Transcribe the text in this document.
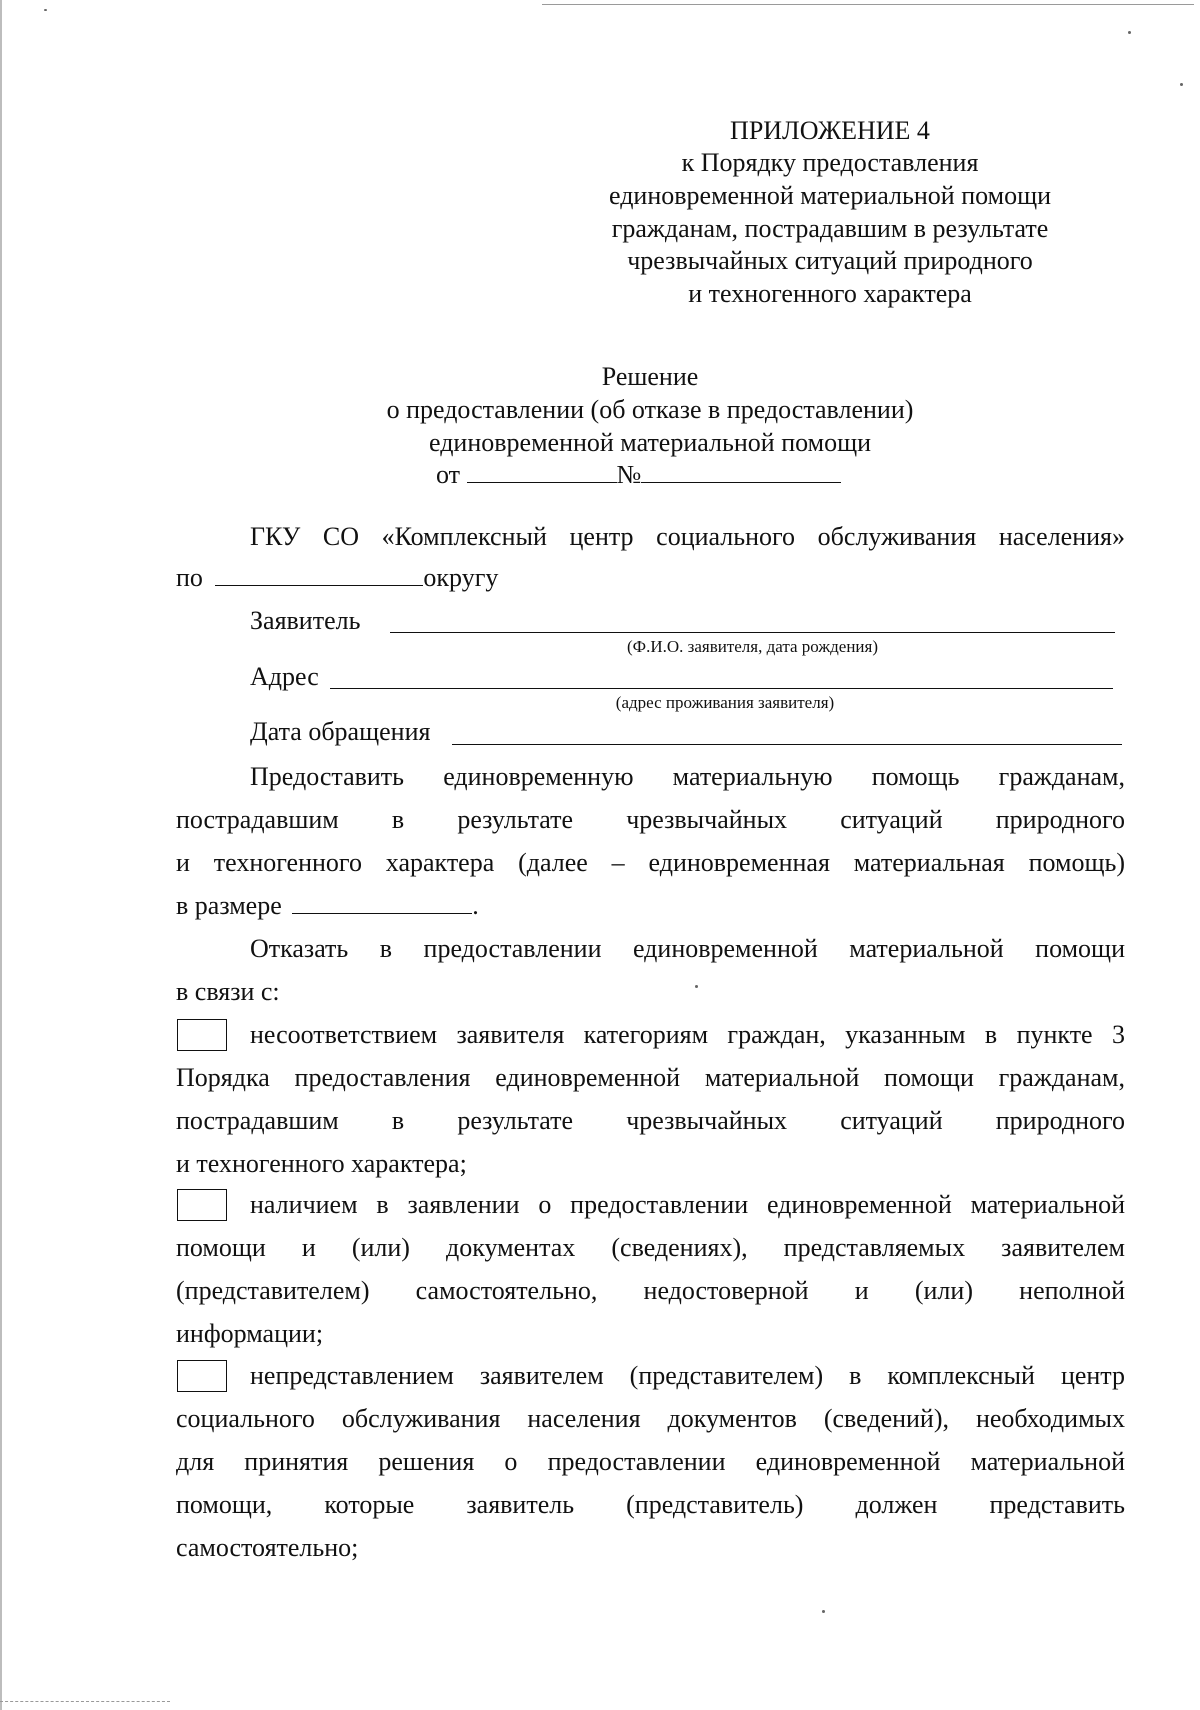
ПРИЛОЖЕНИЕ 4
к Порядку предоставления
единовременной материальной помощи
гражданам, пострадавшим в результате
чрезвычайных ситуаций природного
и техногенного характера
Решение
о предоставлении (об отказе в предоставлении)
единовременной материальной помощи
от	№
ГКУ СО «Комплексный центр социального обслуживания населения»
по	округу
Заявитель
(Ф.И.О. заявителя, дата рождения)
Адрес
(адрес проживания заявителя)
Дата обращения
Предоставить единовременную материальную помощь гражданам,
пострадавшим в результате чрезвычайных ситуаций природного
и техногенного характера (далее – единовременная материальная помощь)
в размере	.
Отказать в предоставлении единовременной материальной помощи
в связи с:
несоответствием заявителя категориям граждан, указанным в пункте 3
Порядка предоставления единовременной материальной помощи гражданам,
пострадавшим в результате чрезвычайных ситуаций природного
и техногенного характера;
наличием в заявлении о предоставлении единовременной материальной
помощи и (или) документах (сведениях), представляемых заявителем
(представителем) самостоятельно, недостоверной и (или) неполной
информации;
непредставлением заявителем (представителем) в комплексный центр
социального обслуживания населения документов (сведений), необходимых
для принятия решения о предоставлении единовременной материальной
помощи, которые заявитель (представитель) должен представить
самостоятельно;
